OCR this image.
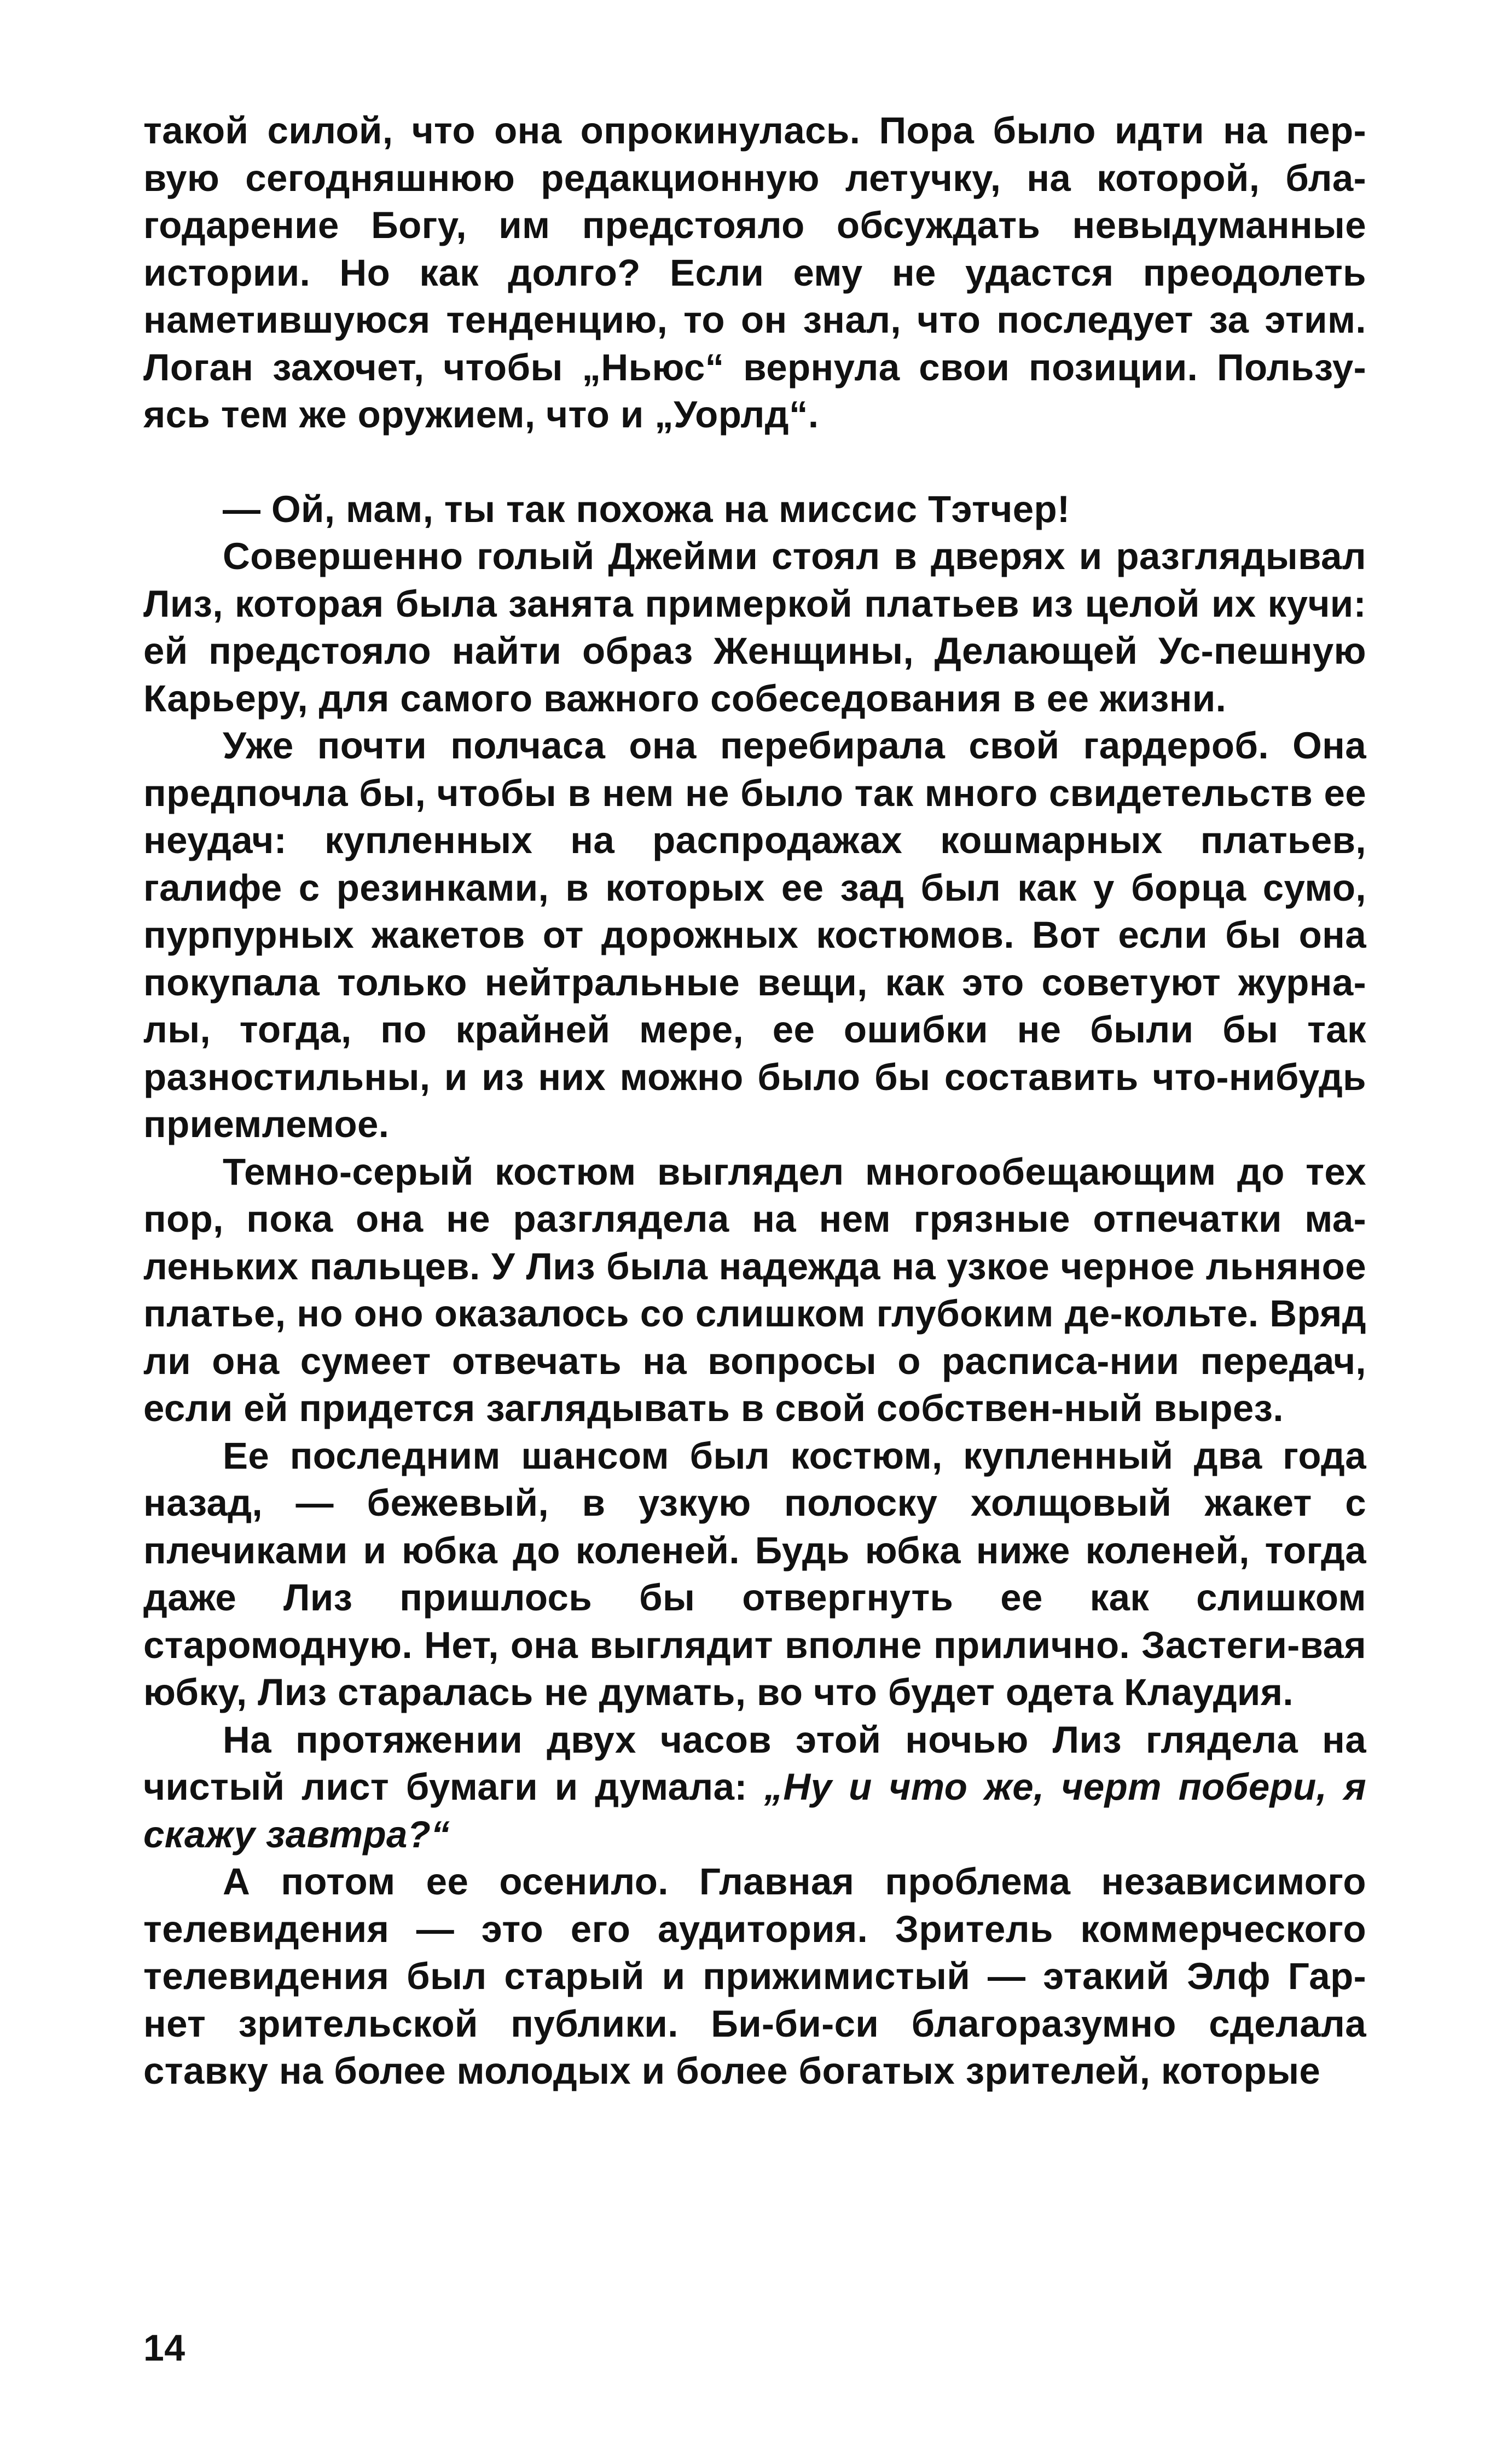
такой силой, что она опрокинулась. Пора было идти на пер-вую сегодняшнюю редакционную летучку, на которой, бла-годарение Богу, им предстояло обсуждать невыдуманные истории. Но как долго? Если ему не удастся преодолеть наметившуюся тенденцию, то он знал, что последует за этим. Логан захочет, чтобы „Ньюс“ вернула свои позиции. Пользу-ясь тем же оружием, что и „Уорлд“.

— Ой, мам, ты так похожа на миссис Тэтчер!

Совершенно голый Джейми стоял в дверях и разглядывал Лиз, которая была занята примеркой платьев из целой их кучи: ей предстояло найти образ Женщины, Делающей Ус-пешную Карьеру, для самого важного собеседования в ее жизни.

Уже почти полчаса она перебирала свой гардероб. Она предпочла бы, чтобы в нем не было так много свидетельств ее неудач: купленных на распродажах кошмарных платьев, галифе с резинками, в которых ее зад был как у борца сумо, пурпурных жакетов от дорожных костюмов. Вот если бы она покупала только нейтральные вещи, как это советуют журна-лы, тогда, по крайней мере, ее ошибки не были бы так разностильны, и из них можно было бы составить что-нибудь приемлемое.

Темно-серый костюм выглядел многообещающим до тех пор, пока она не разглядела на нем грязные отпечатки ма-леньких пальцев. У Лиз была надежда на узкое черное льняное платье, но оно оказалось со слишком глубоким де-кольте. Вряд ли она сумеет отвечать на вопросы о расписа-нии передач, если ей придется заглядывать в свой собствен-ный вырез.

Ее последним шансом был костюм, купленный два года назад, — бежевый, в узкую полоску холщовый жакет с плечиками и юбка до коленей. Будь юбка ниже коленей, тогда даже Лиз пришлось бы отвергнуть ее как слишком старомодную. Нет, она выглядит вполне прилично. Застеги-вая юбку, Лиз старалась не думать, во что будет одета Клаудия.

На протяжении двух часов этой ночью Лиз глядела на чистый лист бумаги и думала: „Ну и что же, черт побери, я скажу завтра?“

А потом ее осенило. Главная проблема независимого телевидения — это его аудитория. Зритель коммерческого телевидения был старый и прижимистый — этакий Элф Гар-нет зрительской публики. Би-би-си благоразумно сделала ставку на более молодых и более богатых зрителей, которые

14
